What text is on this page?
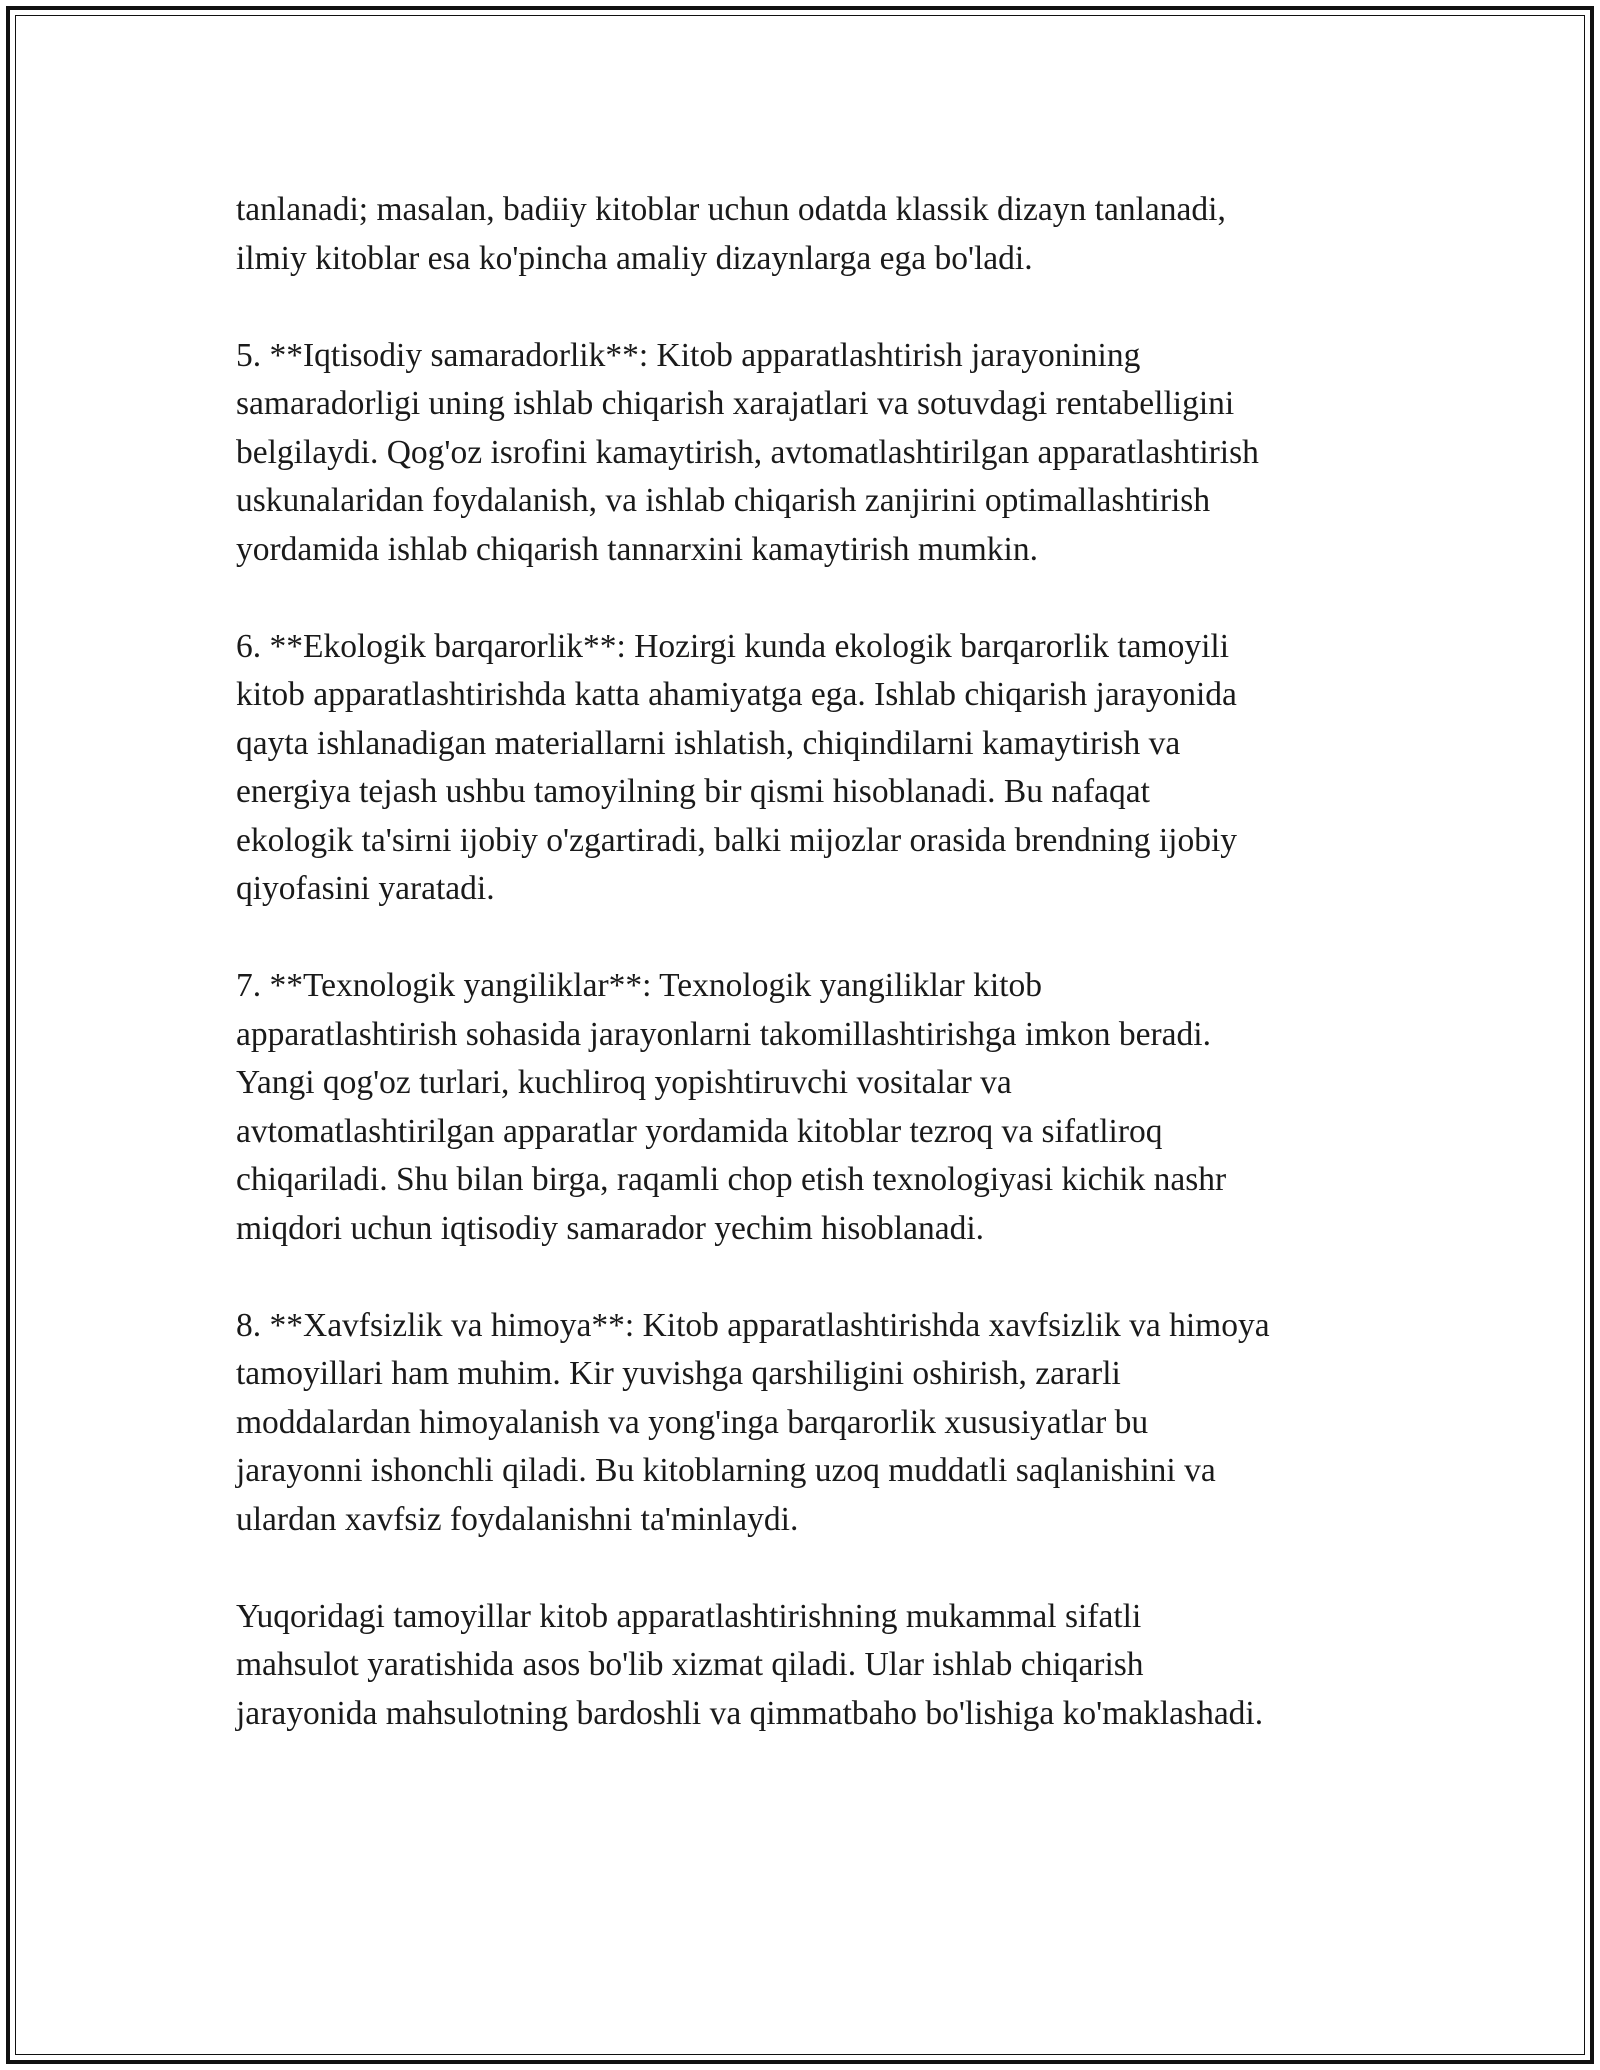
tanlanadi; masalan, badiiy kitoblar uchun odatda klassik dizayn tanlanadi,
ilmiy kitoblar esa ko'pincha amaliy dizaynlarga ega bo'ladi.

5. **Iqtisodiy samaradorlik**: Kitob apparatlashtirish jarayonining
samaradorligi uning ishlab chiqarish xarajatlari va sotuvdagi rentabelligini
belgilaydi. Qog'oz isrofini kamaytirish, avtomatlashtirilgan apparatlashtirish
uskunalaridan foydalanish, va ishlab chiqarish zanjirini optimallashtirish
yordamida ishlab chiqarish tannarxini kamaytirish mumkin.

6. **Ekologik barqarorlik**: Hozirgi kunda ekologik barqarorlik tamoyili
kitob apparatlashtirishda katta ahamiyatga ega. Ishlab chiqarish jarayonida
qayta ishlanadigan materiallarni ishlatish, chiqindilarni kamaytirish va
energiya tejash ushbu tamoyilning bir qismi hisoblanadi. Bu nafaqat
ekologik ta'sirni ijobiy o'zgartiradi, balki mijozlar orasida brendning ijobiy
qiyofasini yaratadi.

7. **Texnologik yangiliklar**: Texnologik yangiliklar kitob
apparatlashtirish sohasida jarayonlarni takomillashtirishga imkon beradi.
Yangi qog'oz turlari, kuchliroq yopishtiruvchi vositalar va
avtomatlashtirilgan apparatlar yordamida kitoblar tezroq va sifatliroq
chiqariladi. Shu bilan birga, raqamli chop etish texnologiyasi kichik nashr
miqdori uchun iqtisodiy samarador yechim hisoblanadi.

8. **Xavfsizlik va himoya**: Kitob apparatlashtirishda xavfsizlik va himoya
tamoyillari ham muhim. Kir yuvishga qarshiligini oshirish, zararli
moddalardan himoyalanish va yong'inga barqarorlik xususiyatlar bu
jarayonni ishonchli qiladi. Bu kitoblarning uzoq muddatli saqlanishini va
ulardan xavfsiz foydalanishni ta'minlaydi.

Yuqoridagi tamoyillar kitob apparatlashtirishning mukammal sifatli
mahsulot yaratishida asos bo'lib xizmat qiladi. Ular ishlab chiqarish
jarayonida mahsulotning bardoshli va qimmatbaho bo'lishiga ko'maklashadi.
